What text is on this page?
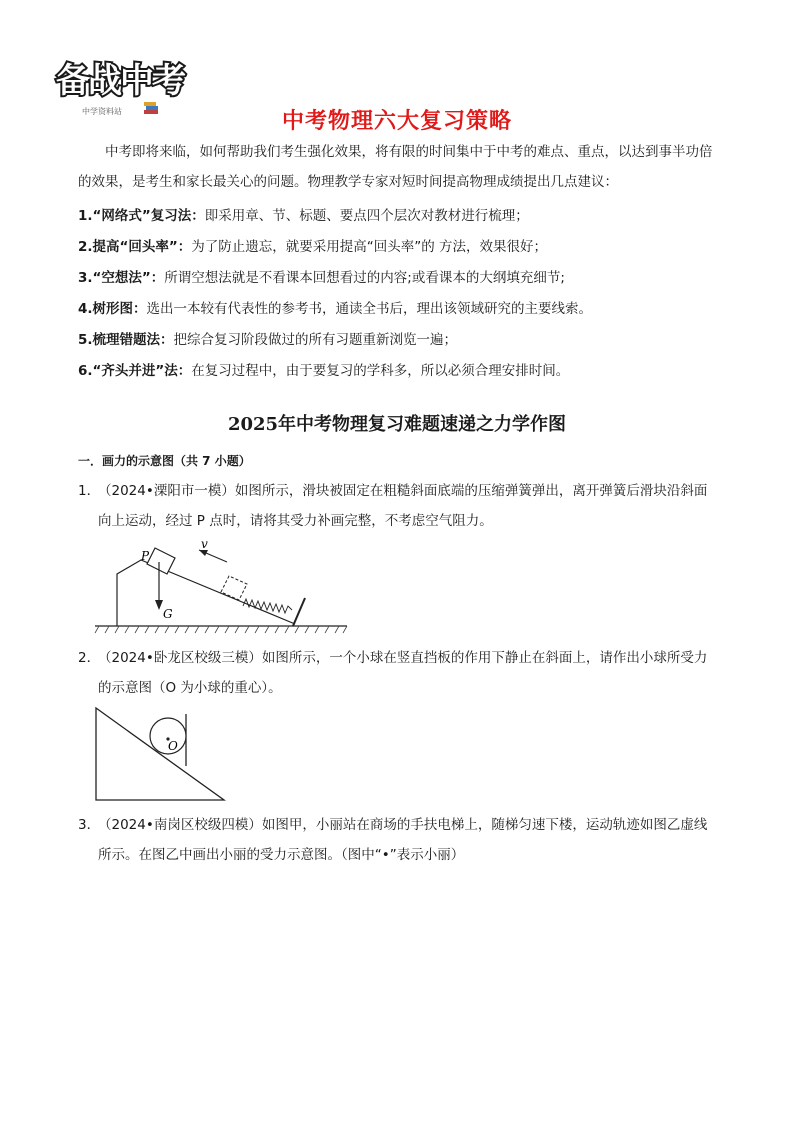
备战中考
中学资料站	中考物理六大复习策略
中考即将来临，如何帮助我们考生强化效果，将有限的时间集中于中考的难点、重点，以达到事半功倍的效果，是考生和家长最关心的问题。物理教学专家对短时间提高物理成绩提出几点建议：
1.“网络式”复习法：即采用章、节、标题、要点四个层次对教材进行梳理；
2.提高“回头率”：为了防止遗忘，就要采用提高“回头率”的 方法，效果很好；
3.“空想法”：所谓空想法就是不看课本回想看过的内容;或看课本的大纲填充细节;
4.树形图：选出一本较有代表性的参考书，通读全书后，理出该领域研究的主要线索。
5.梳理错题法：把综合复习阶段做过的所有习题重新浏览一遍；
6.“齐头并进”法：在复习过程中，由于要复习的学科多，所以必须合理安排时间。
2025年中考物理复习难题速递之力学作图
一．画力的示意图（共 7 小题）
1．（2024•溧阳市一模）如图所示，滑块被固定在粗糙斜面底端的压缩弹簧弹出，离开弹簧后滑块沿斜面
向上运动，经过 P 点时，请将其受力补画完整，不考虑空气阻力。
P
v
G
2．（2024•卧龙区校级三模）如图所示，一个小球在竖直挡板的作用下静止在斜面上，请作出小球所受力
的示意图（O 为小球的重心）。
O
3．（2024•南岗区校级四模）如图甲，小丽站在商场的手扶电梯上，随梯匀速下楼，运动轨迹如图乙虚线
所示。在图乙中画出小丽的受力示意图。（图中“•”表示小丽）
